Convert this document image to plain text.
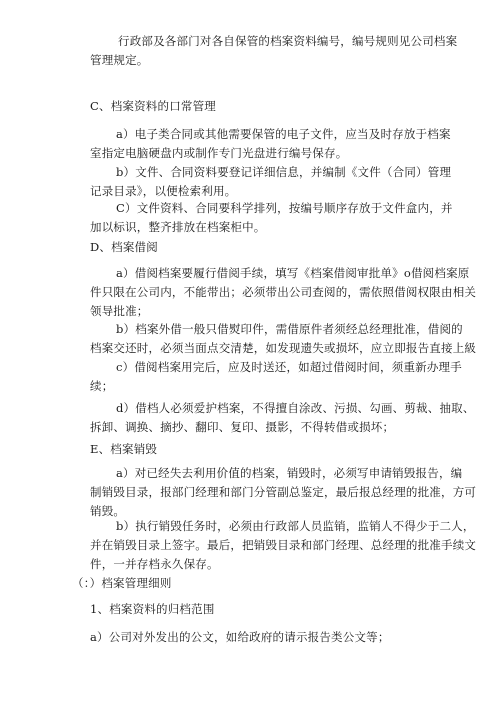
行政部及各部门对各自保管的档案资料编号，编号规则见公司档案
管理规定。
C、档案资料的口常管理
a）电子类合同或其他需要保管的电子文件，应当及时存放于档案
室指定电脑硬盘内或制作专门光盘进行编号保存。
b）文件、合同资料要登记详细信息，并编制《文件（合同）管理
记录目录》，以便检索利用。
C）文件资料、合同要科学排列，按编号顺序存放于文件盒内，并
加以标识，整齐排放在档案柜中。
D、档案借阅
a）借阅档案要履行借阅手续，填写《档案借阅审批单》o借阅档案原
件只限在公司内，不能带出；必须带出公司查阅的，需依照借阅权限由相关
领导批准；
b）档案外借一般只借熨印件，需借原件者须经总经理批准，借阅的
档案交还时，必须当面点交清楚，如发现遗失或损坏，应立即报告直接上級
c）借阅档案用完后，应及时送还，如超过借阅时间，须重新办理手
续；
d）借档人必须爱护档案，不得擅自涂改、污损、勾画、剪裁、抽取、
拆卸、调换、摘抄、翻印、复印、摄影，不得转借或损坏；
E、档案销毁
a）对已经失去利用价值的档案，销毁时，必须写申请销毁报告，编
制销毁目录，报部门经理和部门分管副总鉴定，最后报总经理的批准，方可
销毁。
b）执行销毁任务时，必须由行政部人员监销，监销人不得少于二人，
并在销毁目录上签字。最后，把销毁目录和部门经理、总经理的批准手续文
件，一并存档永久保存。
（：）档案管理细则
1、档案资料的归档范围
a）公司对外发出的公文，如给政府的请示报告类公文等；
